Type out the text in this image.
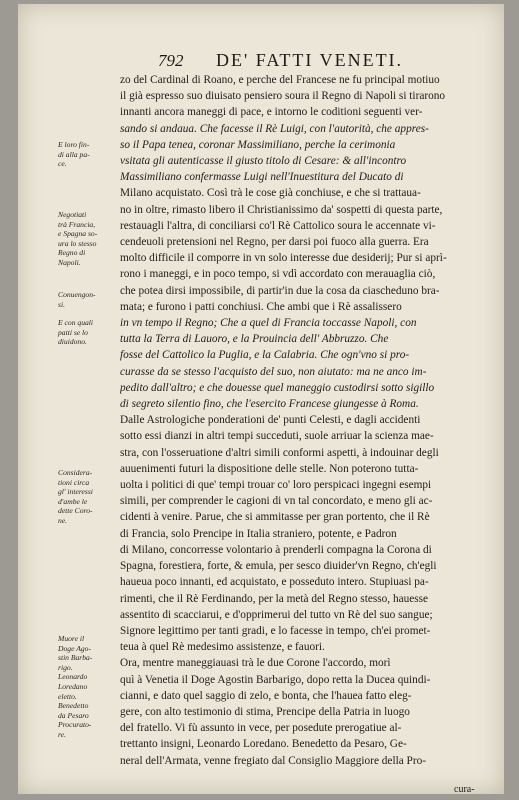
792 DE' FATTI VENETI.
zo del Cardinal di Roano, e perche del Francese ne fu principal motiuo
il già espresso suo diuisato pensiero soura il Regno di Napoli si tirarono
innanti ancora maneggi di pace, e intorno le coditioni seguenti ver-
sando si andaua. Che facesse il Rè Luigi, con l'autorità, che appres-
so il Papa tenea, coronar Massimiliano, perche la cerimonia
vsitata gli autenticasse il giusto titolo di Cesare: & all'incontro
Massimiliano confermasse Luigi nell'Inuestitura del Ducato di
Milano acquistato. Così trà le cose già conchiuse, e che si trattaua-
no in oltre, rimasto libero il Christianissimo da' sospetti di questa parte,
restauagli l'altra, di conciliarsi co'l Rè Cattolico soura le accennate vi-
cendeuoli pretensioni nel Regno, per darsi poi fuoco alla guerra. Era
molto difficile il comporre in vn solo interesse due desiderij; Pur si aprì-
rono i maneggi, e in poco tempo, si vdì accordato con merauaglia ciò,
che potea dirsi impossibile, di partir'in due la cosa da ciascheduno bra-
mata; e furono i patti conchiusi. Che ambi que i Rè assalissero
in vn tempo il Regno; Che a quel di Francia toccasse Napoli, con
tutta la Terra di Lauoro, e la Prouincia dell' Abbruzzo. Che
fosse del Cattolico la Puglia, e la Calabria. Che ogn'vno si pro-
curasse da se stesso l'acquisto del suo, non aiutato: ma ne anco im-
pedito dall'altro; e che douesse quel maneggio custodirsi sotto sigillo
di segreto silentio fino, che l'esercito Francese giungesse à Roma.
Dalle Astrologiche ponderationi de' punti Celesti, e dagli accidenti
sotto essi dianzi in altri tempi succeduti, suole arriuar la scienza mae-
stra, con l'osseruatione d'altri simili conformi aspetti, à indouinar degli
auuenimenti futuri la dispositione delle stelle. Non poterono tutta-
uolta i politici di que' tempi trouar co' loro perspicaci ingegni esempi
simili, per comprender le cagioni di vn tal concordato, e meno gli ac-
cidenti à venire. Parue, che si ammitasse per gran portento, che il Rè
di Francia, solo Prencipe in Italia straniero, potente, e Padron
di Milano, concorresse volontario à prenderli compagna la Corona di
Spagna, forestiera, forte, & emula, per sesco diuider'vn Regno, ch'egli
haueua poco innanti, ed acquistato, e posseduto intero. Stupiuasi pa-
rimenti, che il Rè Ferdinando, per la metà del Regno stesso, hauesse
assentito di scacciarui, e d'opprimerui del tutto vn Rè del suo sangue;
Signore legittimo per tanti gradi, e lo facesse in tempo, ch'ei promet-
teua à quel Rè medesimo assistenze, e fauori.
Ora, mentre maneggiauasi trà le due Corone l'accordo, morì
quì à Venetia il Doge Agostin Barbarigo, dopo retta la Ducea quindi-
cianni, e dato quel saggio di zelo, e bonta, che l'hauea fatto eleg-
gere, con alto testimonio di stima, Prencipe della Patria in luogo
del fratello. Vi fù assunto in vece, per posedute prerogatiue al-
trettanto insigni, Leonardo Loredano. Benedetto da Pesaro, Ge-
neral dell'Armata, venne fregiato dal Consiglio Maggiore della Pro-
E loro fin-
di alla pa-
ce.
Negotiati
trà Francia,
e Spagna so-
ura lo stesso
Regno di
Napoli.
Conuengon-
si.
E con quali
patti se lo
diuidono.
Considera-
tioni circa
gl' interessi
d'ambe le
dette Coro-
ne.
Muore il
Doge Ago-
stin Barba-
rigo.
Leonardo
Loredano
eletto.
Benedetto
da Pesaro
Procurato-
re.
cura-
